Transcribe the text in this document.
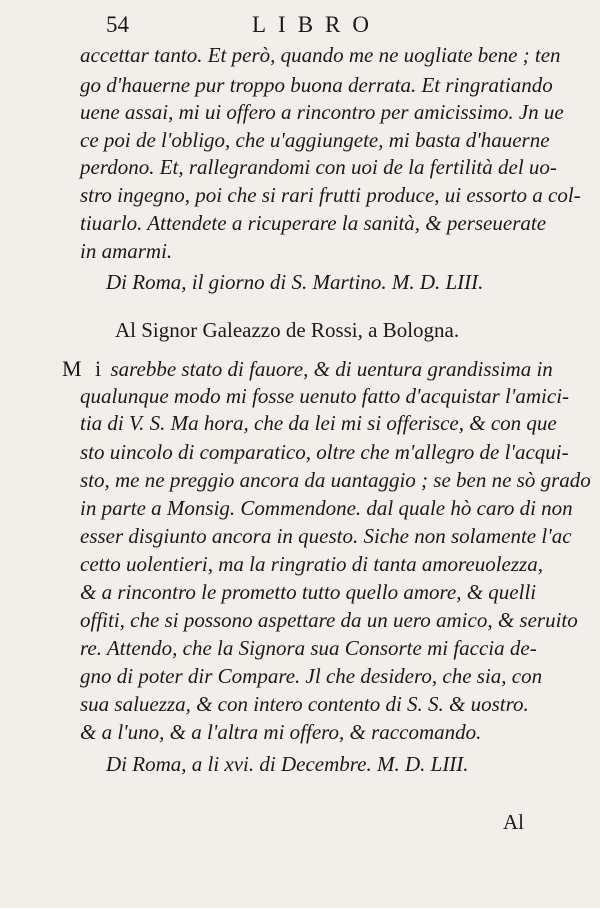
54	LIBRO
accettar tanto. Et però, quando me ne uogliate bene ; ten
go d'hauerne pur troppo buona derrata. Et ringratiando
uene assai, mi ui offero a rincontro per amicissimo. Jn ue
ce poi de l'obligo, che u'aggiungete, mi basta d'hauerne
perdono. Et, rallegrandomi con uoi de la fertilità del uo-
stro ingegno, poi che si rari frutti produce, ui essorto a col-
tiuarlo. Attendete a ricuperare la sanità, & perseuerate
in amarmi.
Di Roma, il giorno di S. Martino. M. D. LIII.
Al Signor Galeazzo de Rossi, a Bologna.
M i sarebbe stato di fauore, & di uentura grandissima in
qualunque modo mi fosse uenuto fatto d'acquistar l'amici-
tia di V. S. Ma hora, che da lei mi si offerisce, & con que
sto uincolo di comparatico, oltre che m'allegro de l'acqui-
sto, me ne preggio ancora da uantaggio ; se ben ne sò grado
in parte a Monsig. Commendone. dal quale hò caro di non
esser disgiunto ancora in questo. Siche non solamente l'ac
cetto uolentieri, ma la ringratio di tanta amoreuolezza,
& a rincontro le prometto tutto quello amore, & quelli
offiti, che si possono aspettare da un uero amico, & seruito
re. Attendo, che la Signora sua Consorte mi faccia de-
gno di poter dir Compare. Jl che desidero, che sia, con
sua saluezza, & con intero contento di S. S. & uostro.
& a l'uno, & a l'altra mi offero, & raccomando.
Di Roma, a li xvi. di Decembre. M. D. LIII.
Al
